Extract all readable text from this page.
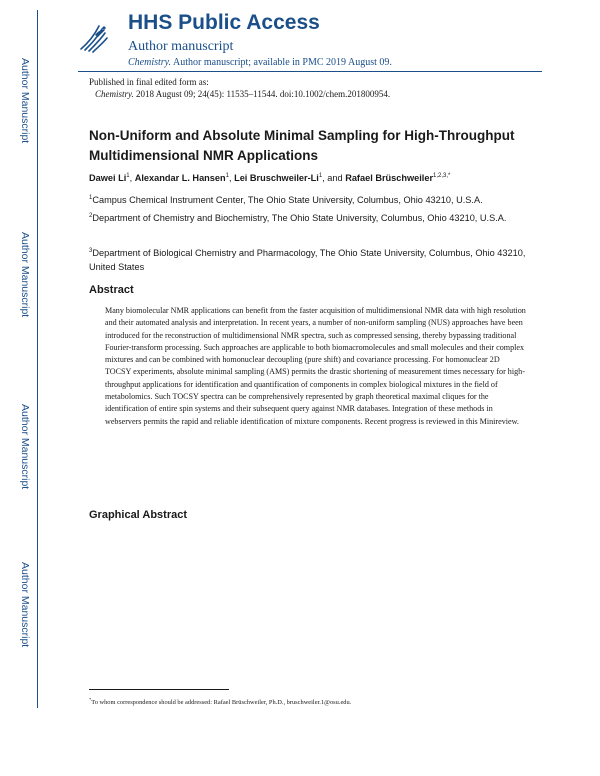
Author Manuscript
Author Manuscript
Author Manuscript
Author Manuscript
HHS Public Access
Author manuscript
Chemistry. Author manuscript; available in PMC 2019 August 09.
Published in final edited form as:
Chemistry. 2018 August 09; 24(45): 11535–11544. doi:10.1002/chem.201800954.
Non-Uniform and Absolute Minimal Sampling for High-Throughput Multidimensional NMR Applications
Dawei Li$^1$, Alexandar L. Hansen$^1$, Lei Bruschweiler-Li$^1$, and Rafael Brüschweiler$^{1,2,3,*}$
$^1$Campus Chemical Instrument Center, The Ohio State University, Columbus, Ohio 43210, U.S.A.
$^2$Department of Chemistry and Biochemistry, The Ohio State University, Columbus, Ohio 43210, U.S.A.
$^3$Department of Biological Chemistry and Pharmacology, The Ohio State University, Columbus, Ohio 43210, United States
Abstract

Many biomolecular NMR applications can benefit from the faster acquisition of multidimensional NMR data with high resolution and their automated analysis and interpretation. In recent years, a number of non-uniform sampling (NUS) approaches have been introduced for the reconstruction of multidimensional NMR spectra, such as compressed sensing, thereby bypassing traditional Fourier-transform processing. Such approaches are applicable to both biomacromolecules and small molecules and their complex mixtures and can be combined with homonuclear decoupling (pure shift) and covariance processing. For homonuclear 2D TOCSY experiments, absolute minimal sampling (AMS) permits the drastic shortening of measurement times necessary for high-throughput applications for identification and quantification of components in complex biological mixtures in the field of metabolomics. Such TOCSY spectra can be comprehensively represented by graph theoretical maximal cliques for the identification of entire spin systems and their subsequent query against NMR databases. Integration of these methods in webservers permits the rapid and reliable identification of mixture components. Recent progress is reviewed in this Minireview.

Graphical Abstract
*To whom correspondence should be addressed: Rafael Brüschweiler, Ph.D., bruschweiler.1@osu.edu.
